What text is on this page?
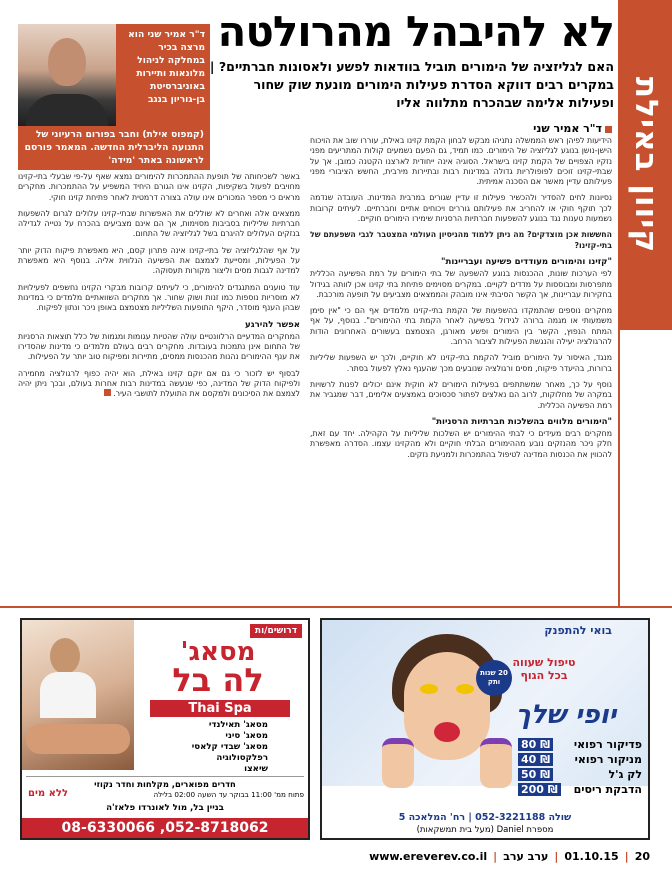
קיוון באילת
לא להיבהל מהרולטה
האם לגליזציה של הימורים תוביל בוודאות לפשע ולאסונות חברתיים? | במקרים רבים דווקא הסדרת פעילות הימורים מונעת שוק שחור ופעילות אלימה שבהכרח מתלווה אליו
ד"ר אמיר שני
ד"ר אמיר שני הוא מרצה בכיר במחלקה לניהול מלונאות ותיירות באוניברסיטת בן-גוריון בנגב
(קמפוס אילת) וחבר בפורום הרעיוני של התנועה הליברלית החדשה. המאמר פורסם לראשונה באתר 'מידה'

הידיעות לפיהן ראש הממשלה נתניהו מבקש לבחון הקמת קזינו באילת, עוררו שוב את הויכוח הישן-נושן בנוגע לגליזציה של הימורים. כמו תמיד, גם הפעם נשמעים קולות המתריעים מפני נזקיו הצפויים של הקמת קזינו בישראל. הסוגיה אינה ייחודית לארצנו הקטנה כמובן. אך על שבתי-קזינו זוכים לפופולריות גדולה במדינות רבות ובתיירות מירבית, החשש הציבורי מפני פעילותם עדיין מאשר אם הסכנה אמיתית.

נסיונות לחים להסדיר ולהכשיר פעילות זו עדיין שגורים במרבית המדינות. העובדה שנדמה לכך תוקף חוקי או להחריב את פעילותם גוררים ויכוחים אתיים וחברתיים. לעיתים קרובות נשמעות טענות נגד בנוגע להשפעות חברתיות הרסניות שימירו הימורים חוקיים.

החששות אכן מוצדקים? מה ניתן ללמוד מהניסיון העולמי המצטבר לגבי השפעתם של בתי-קזינו?

"קזינו והימורים מעודדים פשיעה ועבריינות"

לפי הערכות שונות, ההכנסות בנוגע להשפעה של בתי הימורים על רמת הפשיעה הכללית מתפרסות ומבוססות על מדדים לקויים. במקרים מסוימים פתיחת בתי קזינו אכן לוותה בגידול בחקירות עבריינות, אך הקשר הסיבתי אינו מובהק והממצאים מצביעים על תופעה מורכבת.

מחקרים נוספים שהתמקדו בהשפעות של הקמת בתי-קזינו מלמדים אף הם כי "אין סימן משמעותי או מגמה ברורה לגידול בפשיעה לאחר הקמת בתי ההימורים". בנוסף, על אף המתח הנפוץ, הקשר בין הימורים ופשע מאורגן, הצטמצם בעשורים האחרונים הודות להרגולציה יעילה והנגשת הפעילות לציבור הרחב.

מנגד, האיסור על הימורים מוביל להקמת בתי-קזינו לא חוקיים, ולכך יש השפעות שליליות ברורות, בהיעדר פיקוח, מסים ורגולציה שנובעים מכך שהענף נאלץ לפעול בסתר.

נוסף על כך, מאחר שמשתתפים בפעילות הימורים לא חוקית אינם יכולים לפנות לרשויות במקרה של מחלוקות, לרוב הם נאלצים לפתור סכסוכים באמצעים אלימים, דבר שמגביר את רמת הפשיעה הכללית.

"הימורים מלווים בהשלכות חברתיות הרסניות"

מחקרים רבים מעידים כי לבתי ההימורים יש השלכות שליליות על הקהילה. יחד עם זאת, חלק ניכר מהנזקים נובע מההימורים הבלתי חוקיים ולא מהקזינו עצמו. הסדרה מאפשרת להכווין את הכנסות המדינה לטיפול בהתמכרות ולמניעת נזקים.

באשר לשכיחותה של תופעת ההתמכרות להימורים נמצא שאף על-פי שבעלי בתי-קזינו מחויבים לפעול בשקיפות, הקזינו אינו הגורם היחיד המשפיע על ההתמכרות. מחקרים מראים כי מספר המכורים אינו עולה בצורה דרמטית לאחר פתיחת קזינו חוקי.

ממצאים אלה ואחרים לא שוללים את האפשרות שבתי-קזינו עלולים לגרום להשפעות חברתיות שליליות בסביבות מסוימות, אך הם אינם מצביעים בהכרח על נטייה לגדילה בנזקים העלולים להיגרם בשל לגליזציה של התחום.

על אף שהלגליזציה של בתי-קזינו אינה פתרון קסם, היא מאפשרת פיקוח הדוק יותר על הפעילות, ומסייעת לצמצם את הפשיעה הנלווית אליה. בנוסף היא מאפשרת למדינה לגבות מסים וליצור מקורות תעסוקה.

עוד טוענים המתנגדים להימורים, כי לעיתים קרובות מבקרי הקזינו נחשפים לפעילויות לא מוסריות נוספות כמו זנות ושוק שחור. אך מחקרים השוואתיים מלמדים כי במדינות שבהן הענף מוסדר, היקף התופעות השליליות מצטמצם באופן ניכר ונתון לפיקוח.

אפשר להירגע

המחקרים המדעיים הרלוונטיים עולה שהטיות עגומות ומגמות של כלל תוצאות הרסניות של התחום אינן נתמכות בעובדות. מחקרים רבים בעולם מלמדים כי מדינות שהסדירו את ענף ההימורים נהנות מהכנסות ממסים, מתיירות ומפיקוח טוב יותר על הפעילות.

לבסוף יש לזכור כי גם אם יוקם קזינו באילת, הוא יהיה כפוף לרגולציה מחמירה ולפיקוח הדוק של המדינה, כפי שנעשה במדינות רבות אחרות בעולם, ובכך ניתן יהיה לצמצם את הסיכונים ולמקסם את התועלת לתושבי העיר.

דרושים/ות
מסאג'
לה בל
Thai Spa
מסאג' תאילנדי
מסאג' סיני
מסאג' שבדי קלאסי
רפלקסולוגיה
שיאצו
חדרים מפוארים, מקלחות וחדר נקוזי
פתוח ממ' 11:00 בבוקר עד השעה 02:00 בלילה
ללא מים
בניין בל, מול לאונרדו פלאז'ה
08-6330066 ,052-8718062
בואי להתפנק
טיפול שעווה בכל הגוף
20 שנות ותק
יופי שלך
פדיקור רפואי
80 ₪
מניקור רפואי
40 ₪
לק ג'ל
50 ₪
הדבקת ריסים
200 ₪
שולה 052-3221188 | רח' המלאכה 5
מספרת Daniel (מעל בית תמשקאות)
20
|
01.10.15
|
ערב ערב
|
www.ereverev.co.il
